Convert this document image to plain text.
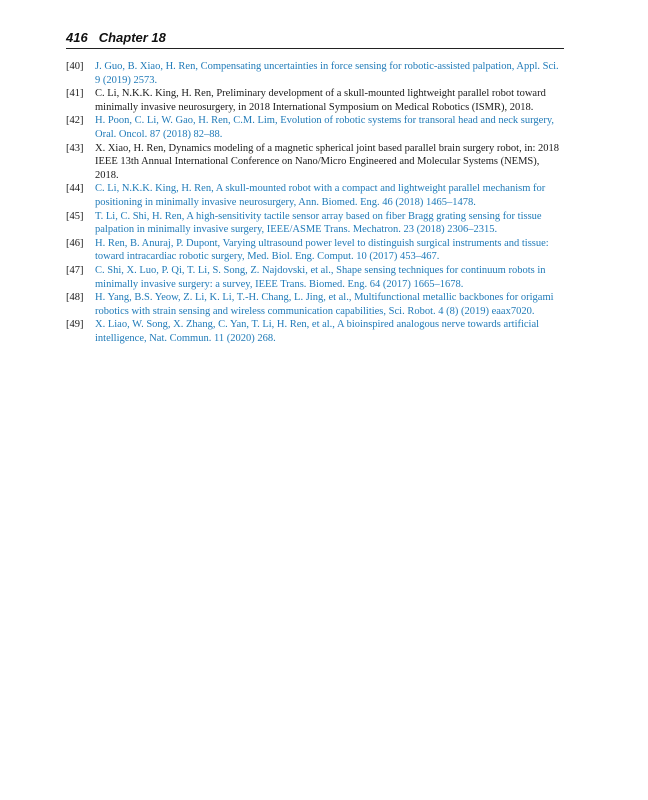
416 Chapter 18
[40] J. Guo, B. Xiao, H. Ren, Compensating uncertainties in force sensing for robotic-assisted palpation, Appl. Sci. 9 (2019) 2573.
[41] C. Li, N.K.K. King, H. Ren, Preliminary development of a skull-mounted lightweight parallel robot toward minimally invasive neurosurgery, in 2018 International Symposium on Medical Robotics (ISMR), 2018.
[42] H. Poon, C. Li, W. Gao, H. Ren, C.M. Lim, Evolution of robotic systems for transoral head and neck surgery, Oral. Oncol. 87 (2018) 82–88.
[43] X. Xiao, H. Ren, Dynamics modeling of a magnetic spherical joint based parallel brain surgery robot, in: 2018 IEEE 13th Annual International Conference on Nano/Micro Engineered and Molecular Systems (NEMS), 2018.
[44] C. Li, N.K.K. King, H. Ren, A skull-mounted robot with a compact and lightweight parallel mechanism for positioning in minimally invasive neurosurgery, Ann. Biomed. Eng. 46 (2018) 1465–1478.
[45] T. Li, C. Shi, H. Ren, A high-sensitivity tactile sensor array based on fiber Bragg grating sensing for tissue palpation in minimally invasive surgery, IEEE/ASME Trans. Mechatron. 23 (2018) 2306–2315.
[46] H. Ren, B. Anuraj, P. Dupont, Varying ultrasound power level to distinguish surgical instruments and tissue: toward intracardiac robotic surgery, Med. Biol. Eng. Comput. 10 (2017) 453–467.
[47] C. Shi, X. Luo, P. Qi, T. Li, S. Song, Z. Najdovski, et al., Shape sensing techniques for continuum robots in minimally invasive surgery: a survey, IEEE Trans. Biomed. Eng. 64 (2017) 1665–1678.
[48] H. Yang, B.S. Yeow, Z. Li, K. Li, T.-H. Chang, L. Jing, et al., Multifunctional metallic backbones for origami robotics with strain sensing and wireless communication capabilities, Sci. Robot. 4 (8) (2019) eaax7020.
[49] X. Liao, W. Song, X. Zhang, C. Yan, T. Li, H. Ren, et al., A bioinspired analogous nerve towards artificial intelligence, Nat. Commun. 11 (2020) 268.
